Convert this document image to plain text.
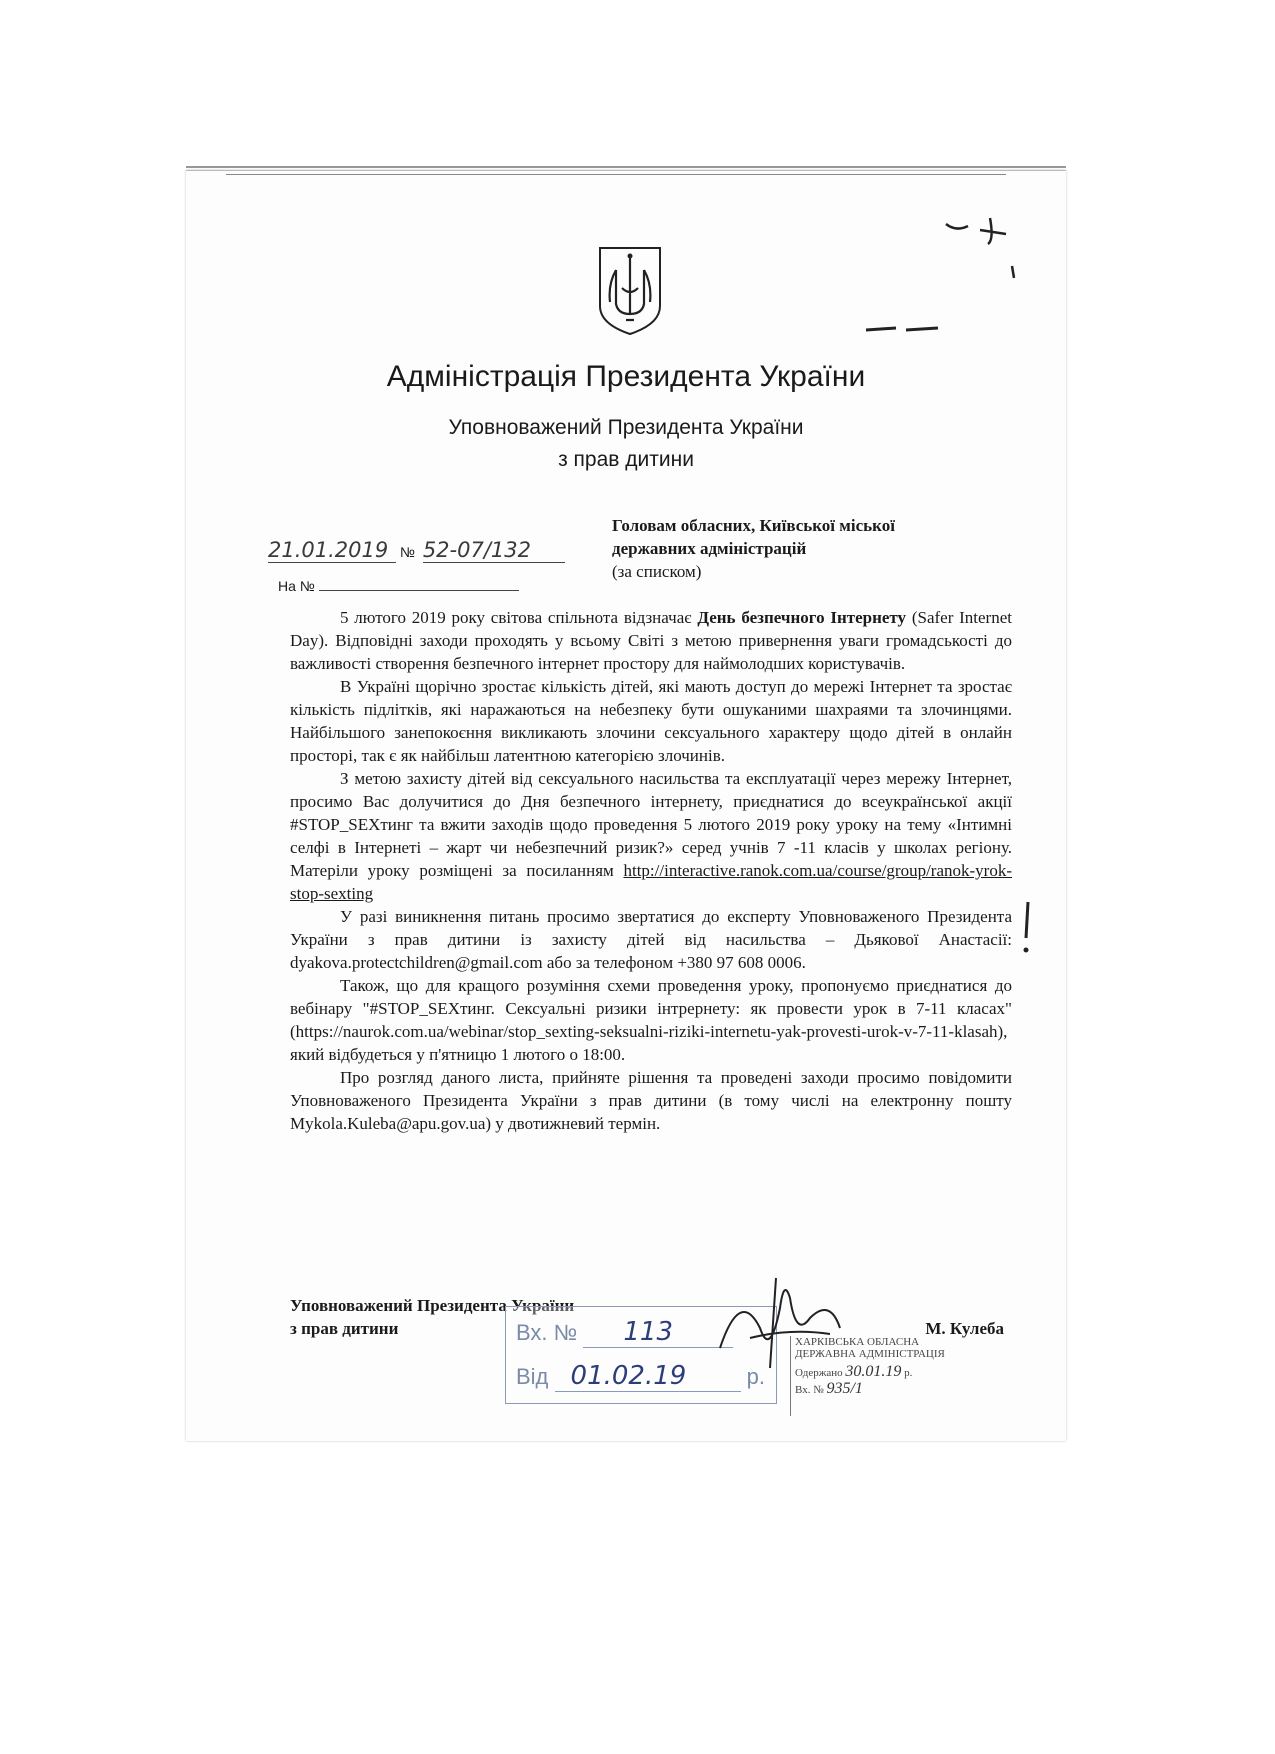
Адміністрація Президента України
Уповноважений Президента України
з прав дитини
21.01.2019 № 52-07/132
На №
Головам обласних, Київської міської
державних адміністрацій
(за списком)

5 лютого 2019 року світова спільнота відзначає День безпечного Інтернету (Safer Internet Day). Відповідні заходи проходять у всьому Світі з метою привернення уваги громадськості до важливості створення безпечного інтернет простору для наймолодших користувачів.

В Україні щорічно зростає кількість дітей, які мають доступ до мережі Інтернет та зростає кількість підлітків, які наражаються на небезпеку бути ошуканими шахраями та злочинцями. Найбільшого занепокоєння викликають злочини сексуального характеру щодо дітей в онлайн просторі, так є як найбільш латентною категорією злочинів.

З метою захисту дітей від сексуального насильства та експлуатації через мережу Інтернет, просимо Вас долучитися до Дня безпечного інтернету, приєднатися до всеукраїнської акції #STOP_SEXтинг та вжити заходів щодо проведення 5 лютого 2019 року уроку на тему «Інтимні селфі в Інтернеті – жарт чи небезпечний ризик?» серед учнів 7 -11 класів у школах регіону. Матеріли уроку розміщені за посиланням http://interactive.ranok.com.ua/course/group/ranok-yrok-stop-sexting

У разі виникнення питань просимо звертатися до експерту Уповноваженого Президента України з прав дитини із захисту дітей від насильства – Дьякової Анастасії: dyakova.protectchildren@gmail.com або за телефоном +380 97 608 0006.

Також, що для кращого розуміння схеми проведення уроку, пропонуємо приєднатися до вебінару "#STOP_SEXтинг. Сексуальні ризики інтрернету: як провести урок в 7-11 класах" (https://naurok.com.ua/webinar/stop_sexting-seksualni-riziki-internetu-yak-provesti-urok-v-7-11-klasah), який відбудеться у п'ятницю 1 лютого о 18:00.

Про розгляд даного листа, прийняте рішення та проведені заходи просимо повідомити Уповноваженого Президента України з прав дитини (в тому числі на електронну пошту Mykola.Kuleba@apu.gov.ua) у двотижневий термін.

Уповноважений Президента України
з прав дитини	М. Кулеба
Вх. № 113
Від 01.02.19	р.
ХАРКІВСЬКА ОБЛАСНА
ДЕРЖАВНА АДМІНІСТРАЦІЯ
Одержано 30.01.19 р.
Вх. № 935/1
